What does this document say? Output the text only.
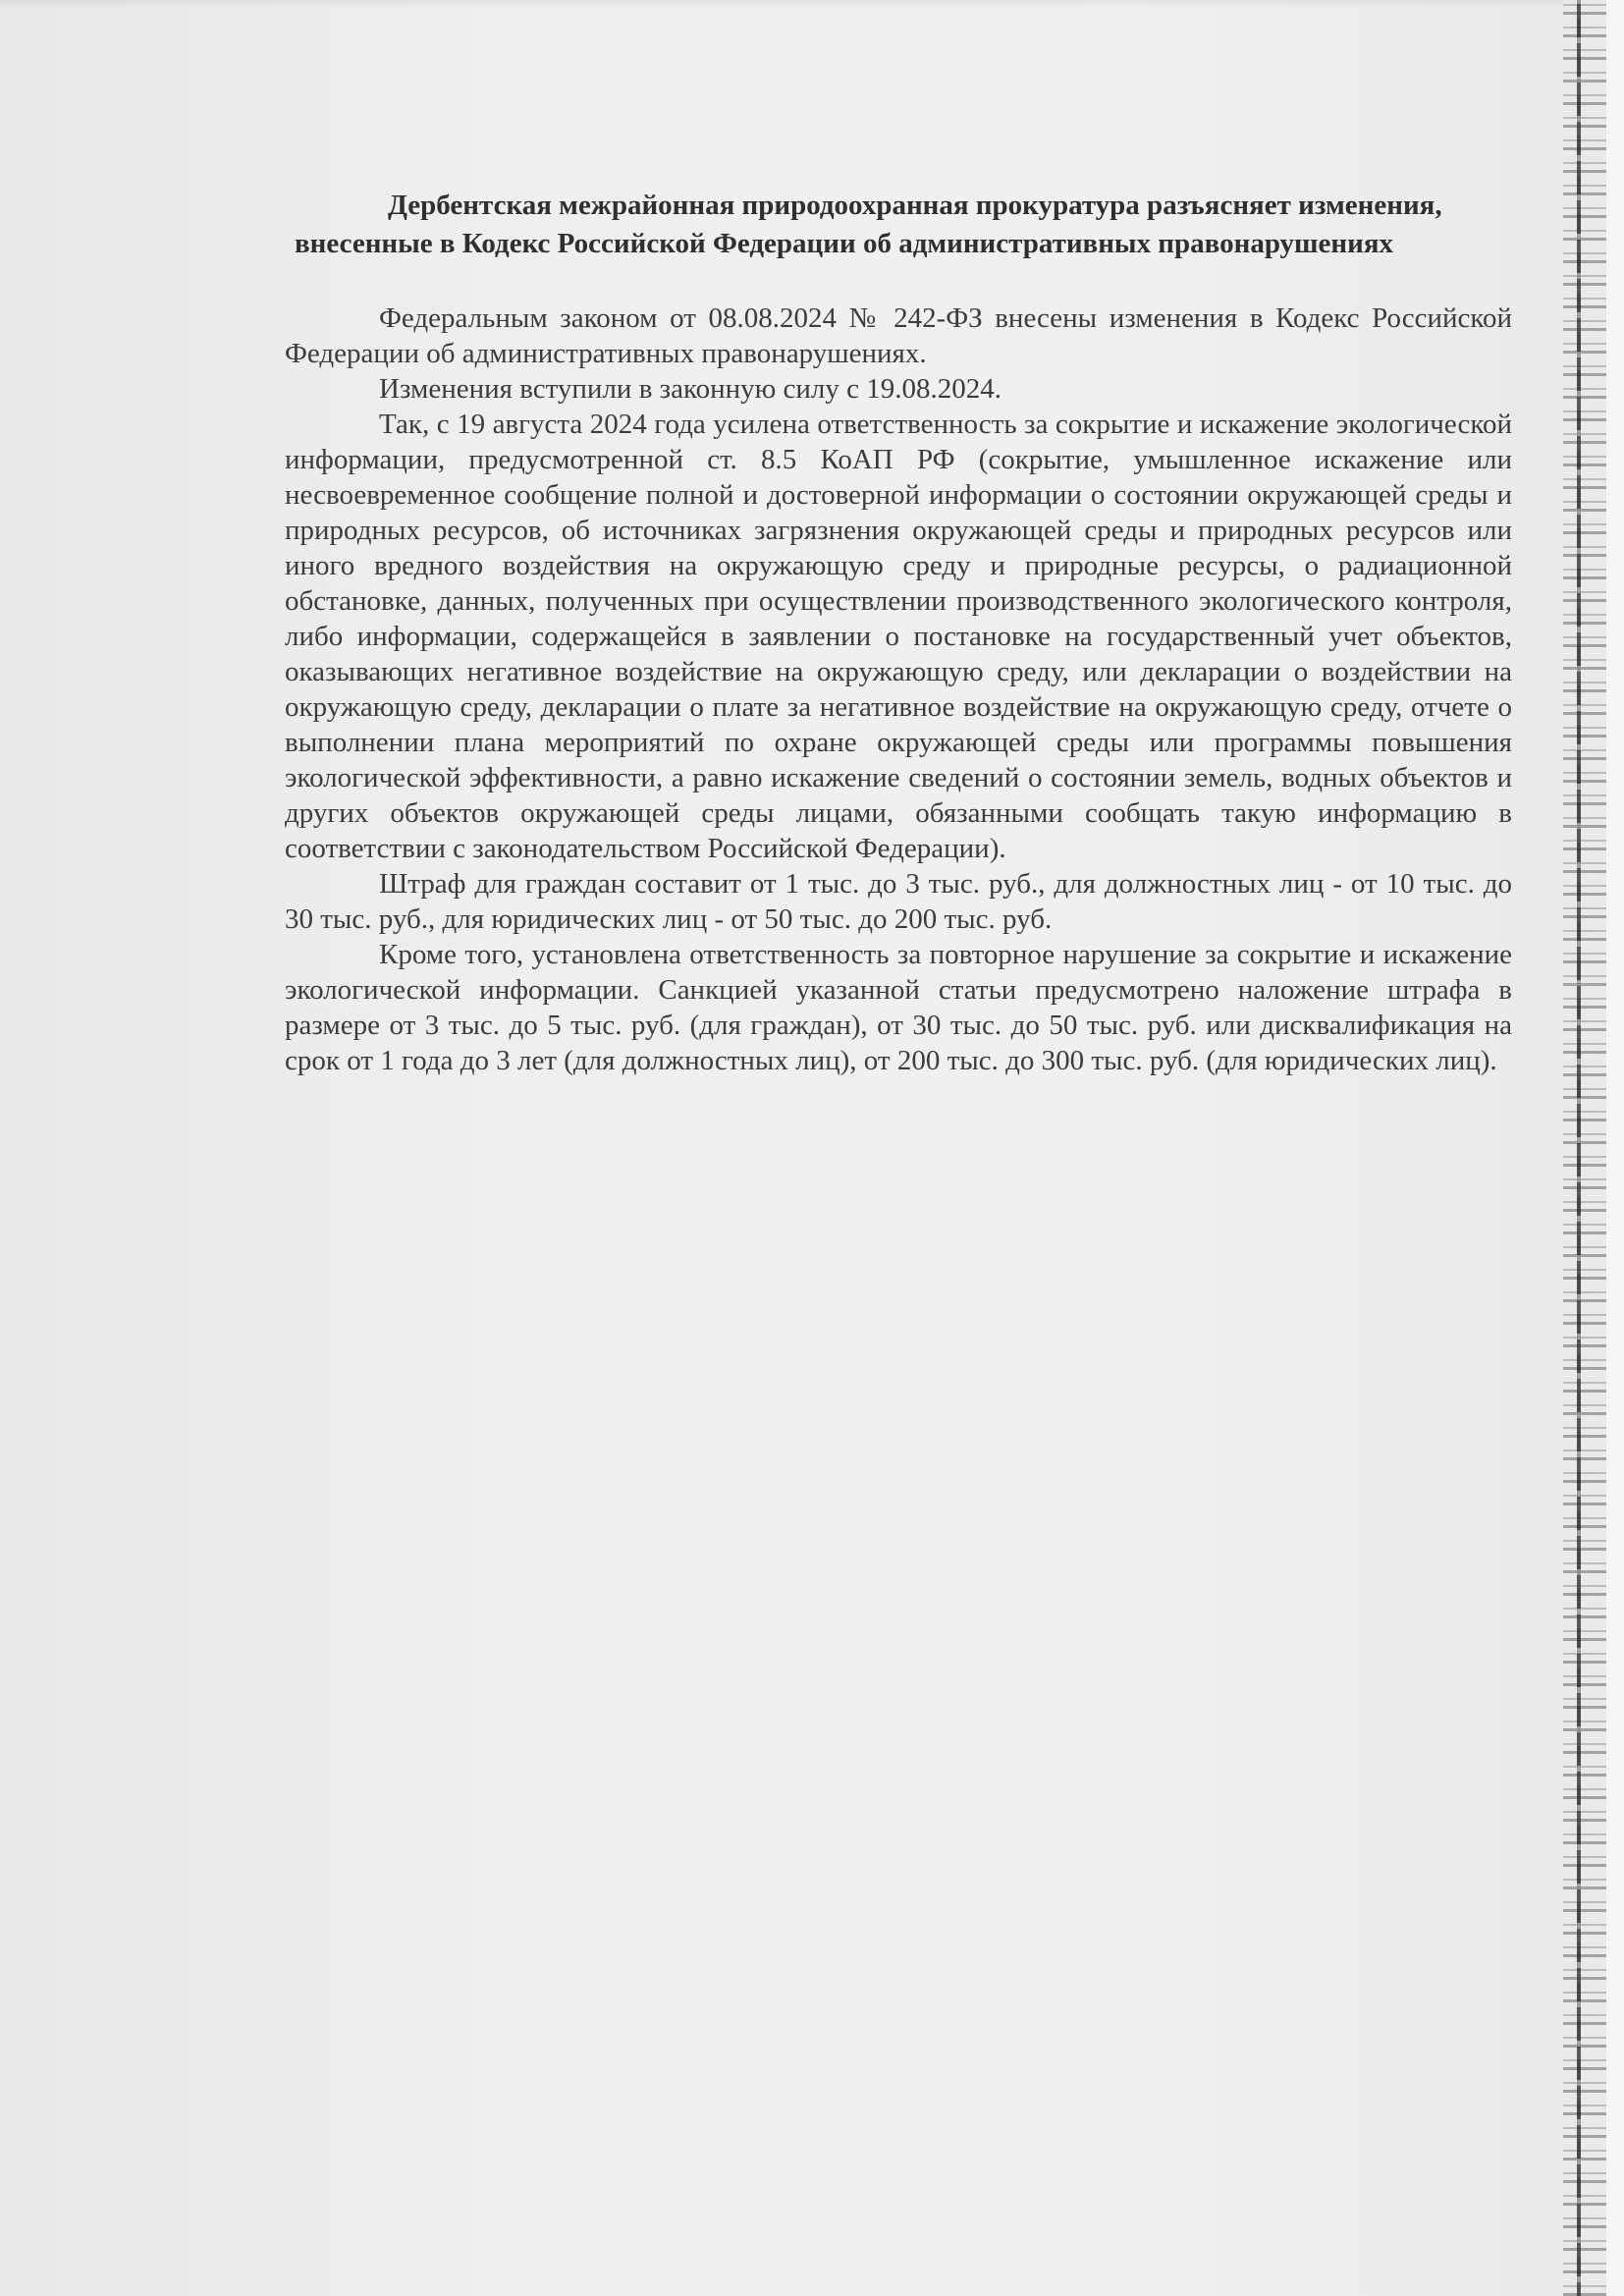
Дербентская межрайонная природоохранная прокуратура разъясняет изменения, внесенные в Кодекс Российской Федерации об административных правонарушениях

Федеральным законом от 08.08.2024 № 242-ФЗ внесены изменения в Кодекс Российской Федерации об административных правонарушениях.

Изменения вступили в законную силу с 19.08.2024.

Так, с 19 августа 2024 года усилена ответственность за сокрытие и искажение экологической информации, предусмотренной ст. 8.5 КоАП РФ (сокрытие, умышленное искажение или несвоевременное сообщение полной и достоверной информации о состоянии окружающей среды и природных ресурсов, об источниках загрязнения окружающей среды и природных ресурсов или иного вредного воздействия на окружающую среду и природные ресурсы, о радиационной обстановке, данных, полученных при осуществлении производственного экологического контроля, либо информации, содержащейся в заявлении о постановке на государственный учет объектов, оказывающих негативное воздействие на окружающую среду, или декларации о воздействии на окружающую среду, декларации о плате за негативное воздействие на окружающую среду, отчете о выполнении плана мероприятий по охране окружающей среды или программы повышения экологической эффективности, а равно искажение сведений о состоянии земель, водных объектов и других объектов окружающей среды лицами, обязанными сообщать такую информацию в соответствии с законодательством Российской Федерации).

Штраф для граждан составит от 1 тыс. до 3 тыс. руб., для должностных лиц - от 10 тыс. до 30 тыс. руб., для юридических лиц - от 50 тыс. до 200 тыс. руб.

Кроме того, установлена ответственность за повторное нарушение за сокрытие и искажение экологической информации. Санкцией указанной статьи предусмотрено наложение штрафа в размере от 3 тыс. до 5 тыс. руб. (для граждан), от 30 тыс. до 50 тыс. руб. или дисквалификация на срок от 1 года до 3 лет (для должностных лиц), от 200 тыс. до 300 тыс. руб. (для юридических лиц).
